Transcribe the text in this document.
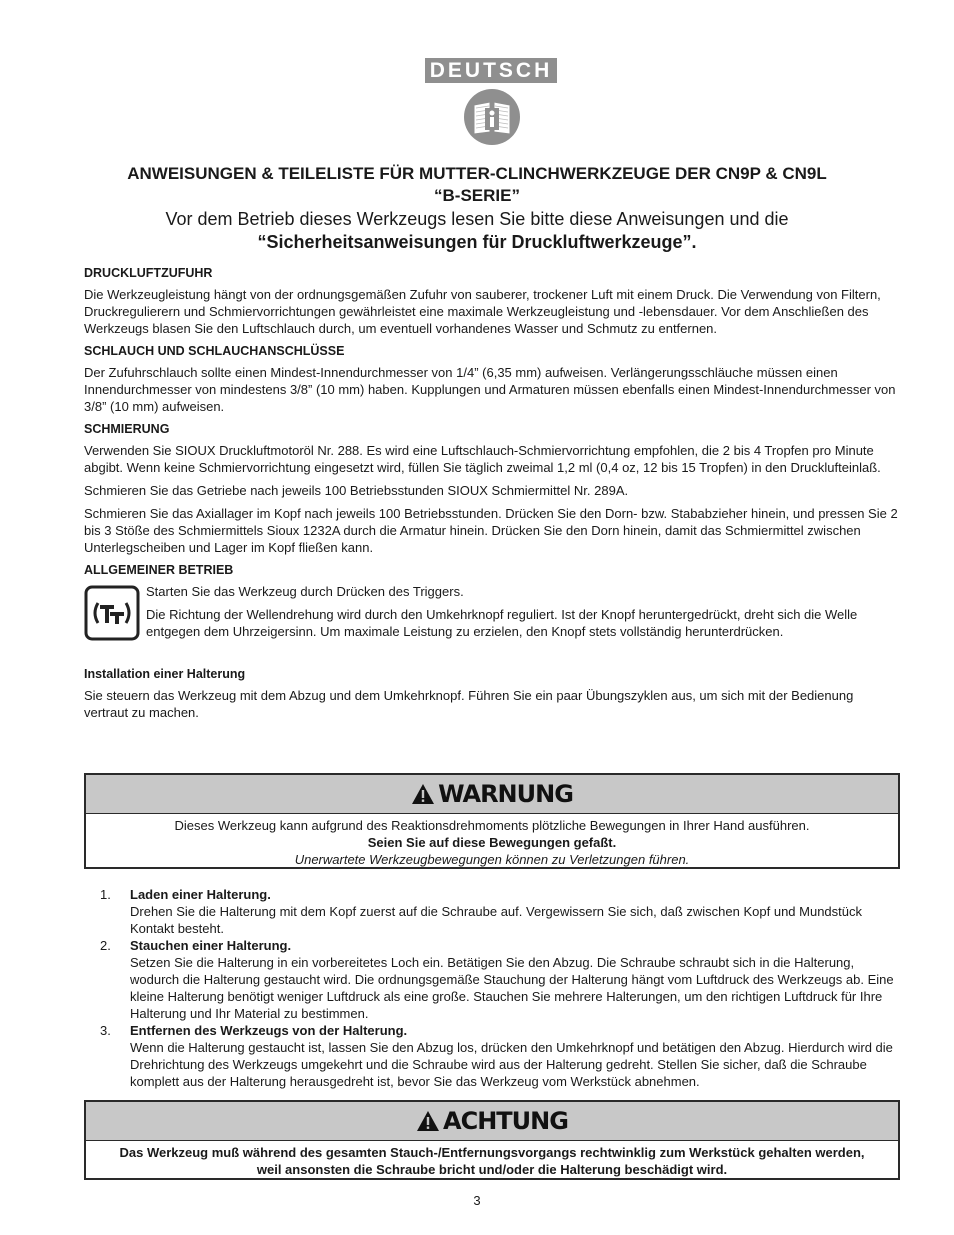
DEUTSCH
ANWEISUNGEN & TEILELISTE FÜR MUTTER-CLINCHWERKZEUGE DER CN9P & CN9L
“B-SERIE”
Vor dem Betrieb dieses Werkzeugs lesen Sie bitte diese Anweisungen und die
“Sicherheitsanweisungen für Druckluftwerkzeuge”.
DRUCKLUFTZUFUHR

Die Werkzeugleistung hängt von der ordnungsgemäßen Zufuhr von sauberer, trockener Luft mit einem Druck. Die Verwendung von Filtern, Druckregulierern und Schmiervorrichtungen gewährleistet eine maximale Werkzeugleistung und -lebensdauer. Vor dem Anschließen des Werkzeugs blasen Sie den Luftschlauch durch, um eventuell vorhandenes Wasser und Schmutz zu entfernen.

SCHLAUCH UND SCHLAUCHANSCHLÜSSE

Der Zufuhrschlauch sollte einen Mindest-Innendurchmesser von 1/4” (6,35 mm) aufweisen. Verlängerungsschläuche müssen einen Innendurchmesser von mindestens 3/8” (10 mm) haben. Kupplungen und Armaturen müssen ebenfalls einen Mindest-Innendurchmesser von 3/8” (10 mm) aufweisen.

SCHMIERUNG

Verwenden Sie SIOUX Druckluftmotoröl Nr. 288. Es wird eine Luftschlauch-Schmiervorrichtung empfohlen, die 2 bis 4 Tropfen pro Minute abgibt. Wenn keine Schmiervorrichtung eingesetzt wird, füllen Sie täglich zweimal 1,2 ml (0,4 oz, 12 bis 15 Tropfen) in den Drucklufteinlaß.

Schmieren Sie das Getriebe nach jeweils 100 Betriebsstunden SIOUX Schmiermittel Nr. 289A.

Schmieren Sie das Axiallager im Kopf nach jeweils 100 Betriebsstunden. Drücken Sie den Dorn- bzw. Stababzieher hinein, und pressen Sie 2 bis 3 Stöße des Schmiermittels Sioux 1232A durch die Armatur hinein. Drücken Sie den Dorn hinein, damit das Schmiermittel zwischen Unterlegscheiben und Lager im Kopf fließen kann.

ALLGEMEINER BETRIEB

Starten Sie das Werkzeug durch Drücken des Triggers.

Die Richtung der Wellendrehung wird durch den Umkehrknopf reguliert. Ist der Knopf heruntergedrückt, dreht sich die Welle entgegen dem Uhrzeigersinn. Um maximale Leistung zu erzielen, den Knopf stets vollständig herunterdrücken.

Installation einer Halterung

Sie steuern das Werkzeug mit dem Abzug und dem Umkehrknopf. Führen Sie ein paar Übungszyklen aus, um sich mit der Bedienung vertraut zu machen.

WARNUNG
Dieses Werkzeug kann aufgrund des Reaktionsdrehmoments plötzliche Bewegungen in Ihrer Hand ausführen.
Seien Sie auf diese Bewegungen gefaßt.
Unerwartete Werkzeugbewegungen können zu Verletzungen führen.
1.	Laden einer Halterung.
Drehen Sie die Halterung mit dem Kopf zuerst auf die Schraube auf. Vergewissern Sie sich, daß zwischen Kopf und Mundstück Kontakt besteht.
2.	Stauchen einer Halterung.
Setzen Sie die Halterung in ein vorbereitetes Loch ein. Betätigen Sie den Abzug. Die Schraube schraubt sich in die Halterung, wodurch die Halterung gestaucht wird. Die ordnungsgemäße Stauchung der Halterung hängt vom Luftdruck des Werkzeugs ab. Eine kleine Halterung benötigt weniger Luftdruck als eine große. Stauchen Sie mehrere Halterungen, um den richtigen Luftdruck für Ihre Halterung und Ihr Material zu bestimmen.
3.	Entfernen des Werkzeugs von der Halterung.
Wenn die Halterung gestaucht ist, lassen Sie den Abzug los, drücken den Umkehrknopf und betätigen den Abzug. Hierdurch wird die Drehrichtung des Werkzeugs umgekehrt und die Schraube wird aus der Halterung gedreht. Stellen Sie sicher, daß die Schraube komplett aus der Halterung herausgedreht ist, bevor Sie das Werkzeug vom Werkstück abnehmen.
ACHTUNG
Das Werkzeug muß während des gesamten Stauch-/Entfernungsvorgangs rechtwinklig zum Werkstück gehalten werden, weil ansonsten die Schraube bricht und/oder die Halterung beschädigt wird.
3
